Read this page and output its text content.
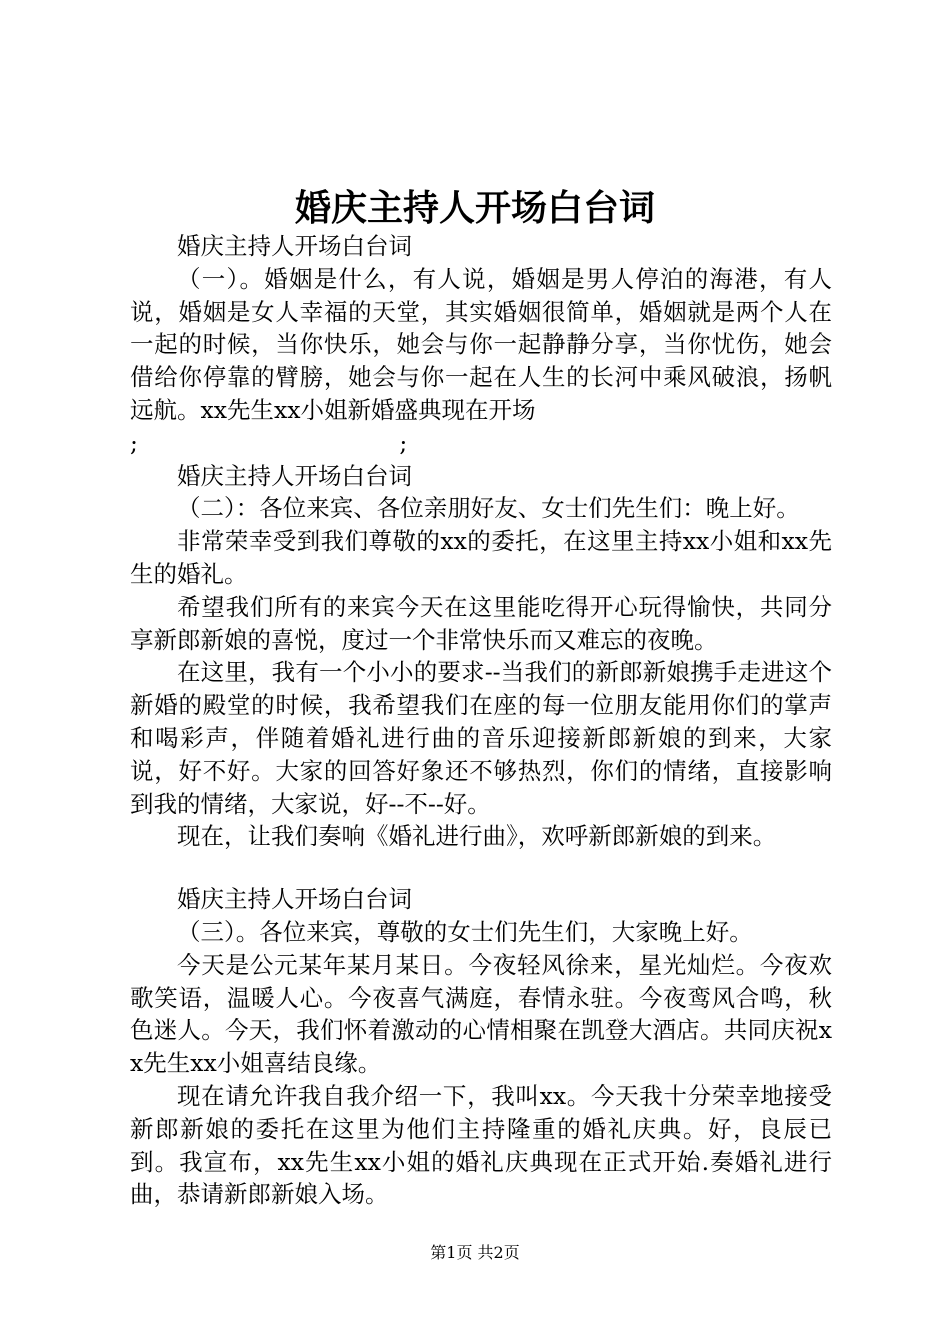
婚庆主持人开场白台词

婚庆主持人开场白台词

（一）。婚姻是什么，有人说，婚姻是男人停泊的海港，有人说，婚姻是女人幸福的天堂，其实婚姻很简单，婚姻就是两个人在一起的时候，当你快乐，她会与你一起静静分享，当你忧伤，她会借给你停靠的臂膀，她会与你一起在人生的长河中乘风破浪，扬帆远航。xx先生xx小姐新婚盛典现在开场

;                                   ;

婚庆主持人开场白台词

（二）：各位来宾、各位亲朋好友、女士们先生们：晚上好。

非常荣幸受到我们尊敬的xx的委托，在这里主持xx小姐和xx先生的婚礼。

希望我们所有的来宾今天在这里能吃得开心玩得愉快，共同分享新郎新娘的喜悦，度过一个非常快乐而又难忘的夜晚。

在这里，我有一个小小的要求--当我们的新郎新娘携手走进这个新婚的殿堂的时候，我希望我们在座的每一位朋友能用你们的掌声和喝彩声，伴随着婚礼进行曲的音乐迎接新郎新娘的到来，大家说，好不好。大家的回答好象还不够热烈，你们的情绪，直接影响到我的情绪，大家说，好--不--好。

现在，让我们奏响《婚礼进行曲》，欢呼新郎新娘的到来。

婚庆主持人开场白台词

（三）。各位来宾，尊敬的女士们先生们，大家晚上好。

今天是公元某年某月某日。今夜轻风徐来，星光灿烂。今夜欢歌笑语，温暖人心。今夜喜气满庭，春情永驻。今夜鸾风合鸣，秋色迷人。今天，我们怀着激动的心情相聚在凯登大酒店。共同庆祝xx先生xx小姐喜结良缘。

现在请允许我自我介绍一下，我叫xx。今天我十分荣幸地接受新郎新娘的委托在这里为他们主持隆重的婚礼庆典。好，良辰已到。我宣布，xx先生xx小姐的婚礼庆典现在正式开始.奏婚礼进行曲，恭请新郎新娘入场。

第1页 共2页
